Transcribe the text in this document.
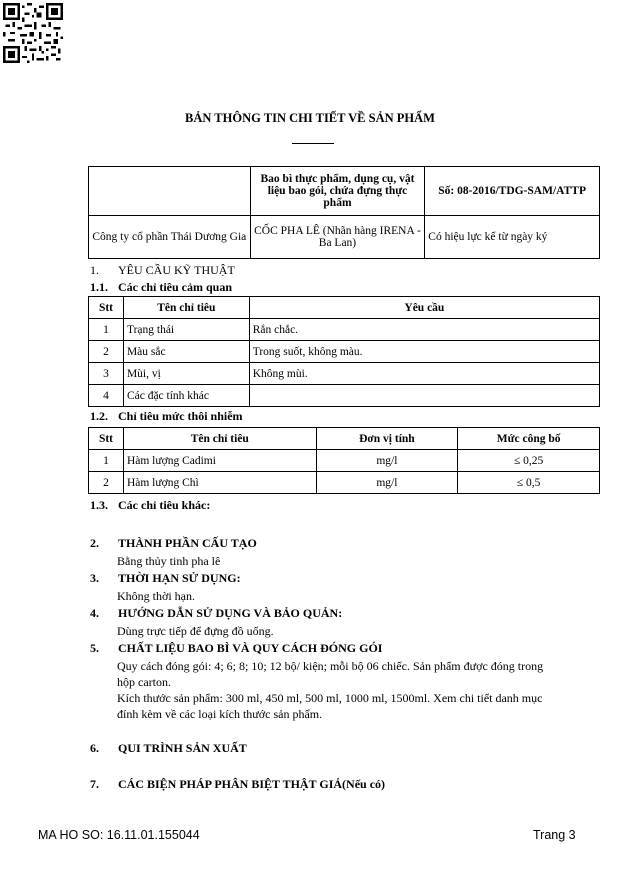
BẢN THÔNG TIN CHI TIẾT VỀ SẢN PHẨM
	Bao bì thực phẩm, dụng cụ, vật liệu bao gói, chứa đựng thực phẩm	Số: 08-2016/TDG-SAM/ATTP
Công ty cổ phần Thái Dương Gia	CỐC PHA LÊ (Nhãn hàng IRENA - Ba Lan)	Có hiệu lực kể từ ngày ký
1. YÊU CẦU KỸ THUẬT
1.1. Các chỉ tiêu cảm quan
Stt	Tên chỉ tiêu	Yêu cầu
1	Trạng thái	Rắn chắc.
2	Màu sắc	Trong suốt, không màu.
3	Mùi, vị	Không mùi.
4	Các đặc tính khác	
1.2. Chỉ tiêu mức thôi nhiễm
Stt	Tên chỉ tiêu	Đơn vị tính	Mức công bố
1	Hàm lượng Cadimi	mg/l	≤ 0,25
2	Hàm lượng Chì	mg/l	≤ 0,5
1.3. Các chỉ tiêu khác:
2. THÀNH PHẦN CẤU TẠO
Bằng thủy tinh pha lê
3. THỜI HẠN SỬ DỤNG:
Không thời hạn.
4. HƯỚNG DẪN SỬ DỤNG VÀ BẢO QUẢN:
Dùng trực tiếp để đựng đồ uống.
5. CHẤT LIỆU BAO BÌ VÀ QUY CÁCH ĐÓNG GÓI
Quy cách đóng gói: 4; 6; 8; 10; 12 bộ/ kiện; mỗi bộ 06 chiếc. Sản phẩm được đóng trong hộp carton.
Kích thước sản phẩm: 300 ml, 450 ml, 500 ml, 1000 ml, 1500ml. Xem chi tiết danh mục đính kèm về các loại kích thước sản phẩm.
6. QUI TRÌNH SẢN XUẤT
7. CÁC BIỆN PHÁP PHÂN BIỆT THẬT GIẢ(Nếu có)
MA HO SO: 16.11.01.155044	Trang 3
